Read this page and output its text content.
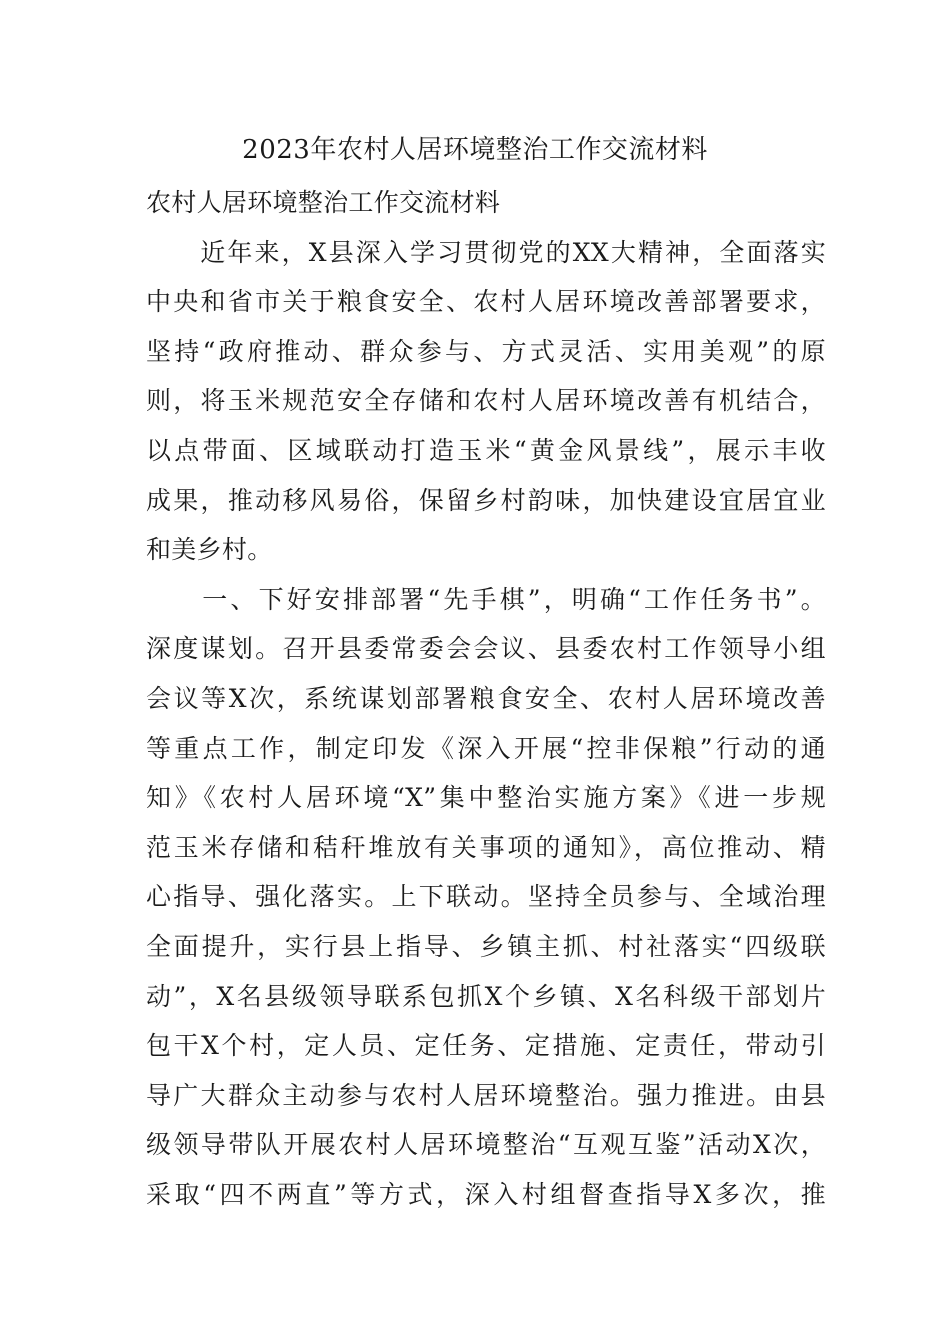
2023年农村人居环境整治工作交流材料
农村人居环境整治工作交流材料
　　近年来，X县深入学习贯彻党的XX大精神，全面落实
中央和省市关于粮食安全、农村人居环境改善部署要求，
坚持“政府推动、群众参与、方式灵活、实用美观”的原
则，将玉米规范安全存储和农村人居环境改善有机结合，
以点带面、区域联动打造玉米“黄金风景线”，展示丰收
成果，推动移风易俗，保留乡村韵味，加快建设宜居宜业
和美乡村。
　　一、下好安排部署“先手棋”，明确“工作任务书”。
深度谋划。召开县委常委会会议、县委农村工作领导小组
会议等X次，系统谋划部署粮食安全、农村人居环境改善
等重点工作，制定印发《深入开展“控非保粮”行动的通
知》《农村人居环境“X”集中整治实施方案》《进一步规
范玉米存储和秸秆堆放有关事项的通知》，高位推动、精
心指导、强化落实。上下联动。坚持全员参与、全域治理
全面提升，实行县上指导、乡镇主抓、村社落实“四级联
动”，X名县级领导联系包抓X个乡镇、X名科级干部划片
包干X个村，定人员、定任务、定措施、定责任，带动引
导广大群众主动参与农村人居环境整治。强力推进。由县
级领导带队开展农村人居环境整治“互观互鉴”活动X次，
采取“四不两直”等方式，深入村组督查指导X多次，推
